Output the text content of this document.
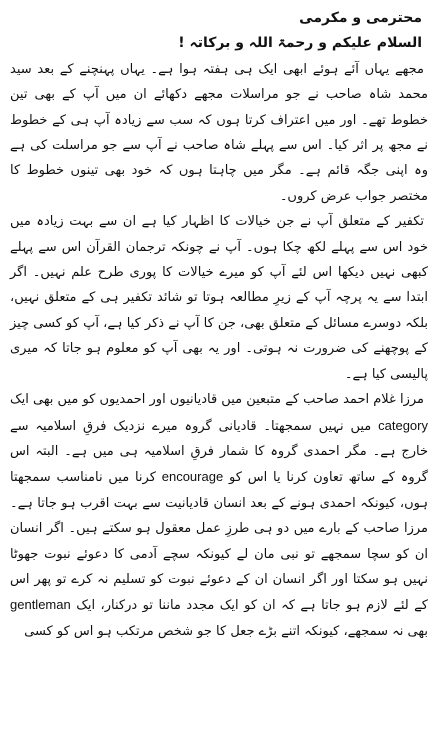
محترمی و مکرمی

السلام علیکم و رحمۃ اللہ و برکاتہ !

مجھے یہاں آئے ہوئے ابھی ایک ہی ہفتہ ہوا ہے۔ یہاں پہنچنے کے بعد سید محمد شاہ صاحب نے جو مراسلات مجھے دکھائے ان میں آپ کے بھی تین خطوط تھے۔ اور میں اعتراف کرتا ہوں کہ سب سے زیادہ آپ ہی کے خطوط نے مجھ پر اثر کیا۔ اس سے پہلے شاہ صاحب نے آپ سے جو مراسلت کی ہے وہ اپنی جگہ قائم ہے۔ مگر میں چاہتا ہوں کہ خود بھی تینوں خطوط کا مختصر جواب عرض کروں۔

تکفیر کے متعلق آپ نے جن خیالات کا اظہار کیا ہے ان سے بہت زیادہ میں خود اس سے پہلے لکھ چکا ہوں۔ آپ نے چونکہ ترجمان القرآن اس سے پہلے کبھی نہیں دیکھا اس لئے آپ کو میرے خیالات کا پوری طرح علم نہیں۔ اگر ابتدا سے یہ پرچہ آپ کے زیرِ مطالعہ ہوتا تو شائد تکفیر ہی کے متعلق نہیں، بلکہ دوسرے مسائل کے متعلق بھی، جن کا آپ نے ذکر کیا ہے، آپ کو کسی چیز کے پوچھنے کی ضرورت نہ ہوتی۔ اور یہ بھی آپ کو معلوم ہو جاتا کہ میری پالیسی کیا ہے۔

مرزا غلام احمد صاحب کے متبعین میں قادیانیوں اور احمدیوں کو میں بھی ایک category میں نہیں سمجھتا۔ قادیانی گروہ میرے نزدیک فرقِ اسلامیہ سے خارج ہے۔ مگر احمدی گروہ کا شمار فرقِ اسلامیہ ہی میں ہے۔ البتہ اس گروہ کے ساتھ تعاون کرنا یا اس کو encourage کرنا میں نامناسب سمجھتا ہوں، کیونکہ احمدی ہونے کے بعد انسان قادیانیت سے بہت اقرب ہو جاتا ہے۔ مرزا صاحب کے بارے میں دو ہی طرزِ عمل معقول ہو سکتے ہیں۔ اگر انسان ان کو سچا سمجھے تو نبی مان لے کیونکہ سچے آدمی کا دعوئے نبوت جھوٹا نہیں ہو سکتا اور اگر انسان ان کے دعوئے نبوت کو تسلیم نہ کرے تو پھر اس کے لئے لازم ہو جاتا ہے کہ ان کو ایک مجدد ماننا تو درکنار، ایک gentleman بھی نہ سمجھے، کیونکہ اتنے بڑے جعل کا جو شخص مرتکب ہو اس کو کسی
